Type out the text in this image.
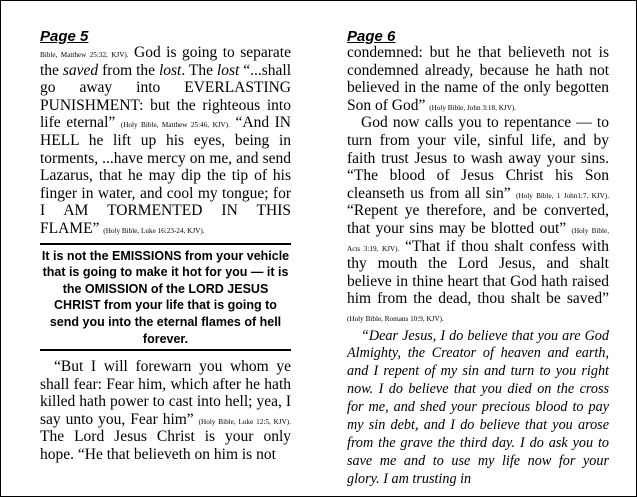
Page 5

Bible, Matthew 25:32, KJV). God is going to separate the saved from the lost. The lost “...shall go away into EVERLASTING PUNISHMENT: but the righteous into life eternal” (Holy Bible, Matthew 25:46, KJV). “And IN HELL he lift up his eyes, being in torments, ...have mercy on me, and send Lazarus, that he may dip the tip of his finger in water, and cool my tongue; for I AM TORMENTED IN THIS FLAME” (Holy Bible, Luke 16:23-24, KJV).

It is not the EMISSIONS from your vehicle that is going to make it hot for you — it is the OMISSION of the LORD JESUS CHRIST from your life that is going to send you into the eternal flames of hell forever.

“But I will forewarn you whom ye shall fear: Fear him, which after he hath killed hath power to cast into hell; yea, I say unto you, Fear him” (Holy Bible, Luke 12:5, KJV). The Lord Jesus Christ is your only hope. “He that believeth on him is not

Page 6

condemned: but he that believeth not is condemned already, because he hath not believed in the name of the only begotten Son of God” (Holy Bible, John 3:18, KJV).

God now calls you to repentance — to turn from your vile, sinful life, and by faith trust Jesus to wash away your sins. “The blood of Jesus Christ his Son cleanseth us from all sin” (Holy Bible, 1 John1:7, KJV). “Repent ye therefore, and be converted, that your sins may be blotted out” (Holy Bible, Acts 3:19, KJV). “That if thou shalt confess with thy mouth the Lord Jesus, and shalt believe in thine heart that God hath raised him from the dead, thou shalt be saved” (Holy Bible, Romans 10:9, KJV).

“Dear Jesus, I do believe that you are God Almighty, the Creator of heaven and earth, and I repent of my sin and turn to you right now. I do believe that you died on the cross for me, and shed your precious blood to pay my sin debt, and I do believe that you arose from the grave the third day. I do ask you to save me and to use my life now for your glory. I am trusting in
